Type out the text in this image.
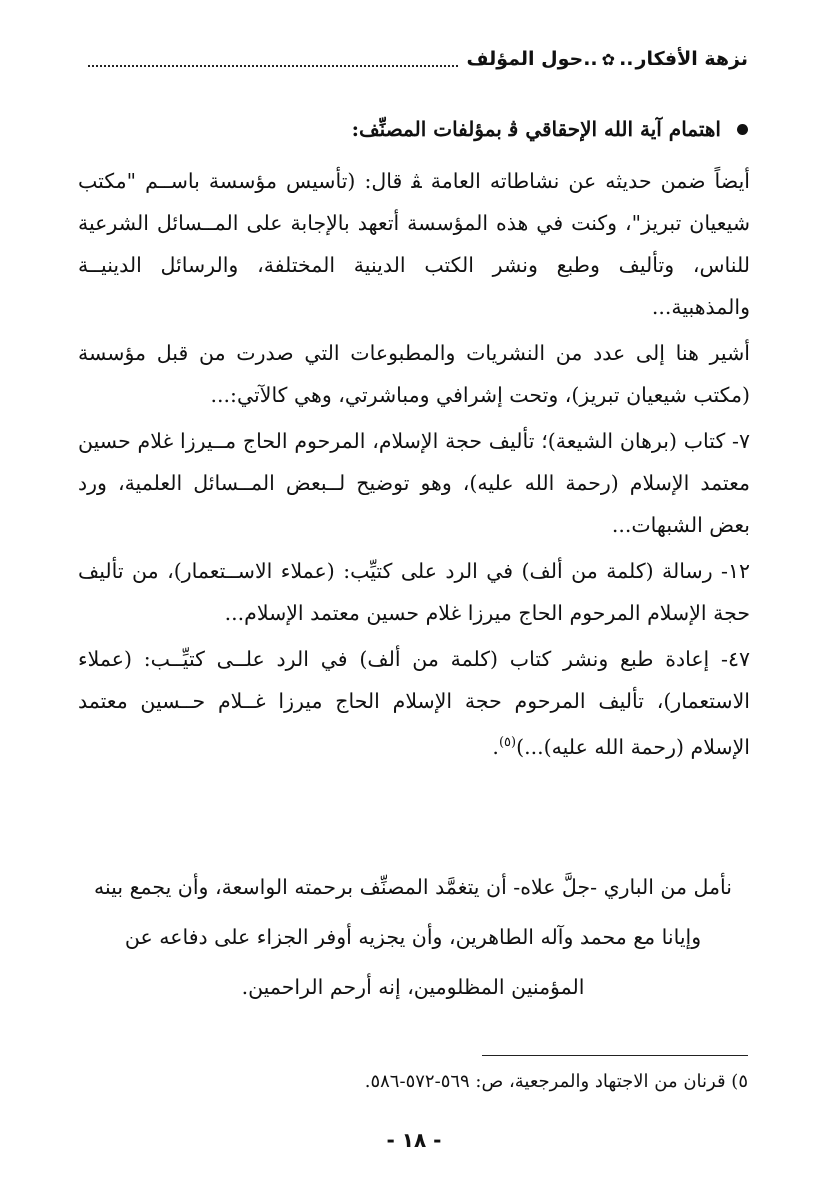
نزهة الأفكار
..
✿
..حول المؤلف
اهتمام آية الله الإحقاقي ﭬ بمؤلفات المصنِّف:

أيضاً ضمن حديثه عن نشاطاته العامة ﭭ قال: (تأسيس مؤسسة باســم "مكتب شيعيان تبريز"، وكنت في هذه المؤسسة أتعهد بالإجابة على المــسائل الشرعية للناس، وتأليف وطبع ونشر الكتب الدينية المختلفة، والرسائل الدينيــة والمذهبية...

أشير هنا إلى عدد من النشريات والمطبوعات التي صدرت من قبل مؤسسة (مكتب شيعيان تبريز)، وتحت إشرافي ومباشرتي، وهي كالآتي:...

٧- كتاب (برهان الشيعة)؛ تأليف حجة الإسلام، المرحوم الحاج مــيرزا غلام حسين معتمد الإسلام (رحمة الله عليه)، وهو توضيح لــبعض المــسائل العلمية، ورد بعض الشبهات...

١٢- رسالة (كلمة من ألف) في الرد على كتيِّب: (عملاء الاســتعمار)، من تأليف حجة الإسلام المرحوم الحاج ميرزا غلام حسين معتمد الإسلام...

٤٧- إعادة طبع ونشر كتاب (كلمة من ألف) في الرد علــى كتيِّــب: (عملاء الاستعمار)، تأليف المرحوم حجة الإسلام الحاج ميرزا غــلام حــسين معتمد الإسلام (رحمة الله عليه)...)$^{(٥)}$.

نأمل من الباري -جلَّ علاه- أن يتغمَّد المصنِّف برحمته الواسعة، وأن يجمع بينه وإيانا مع محمد وآله الطاهرين، وأن يجزيه أوفر الجزاء على دفاعه عن المؤمنين المظلومين، إنه أرحم الراحمين.
٥) قرنان من الاجتهاد والمرجعية، ص: ٥٦٩-٥٧٢-٥٨٦.
- ١٨ -
